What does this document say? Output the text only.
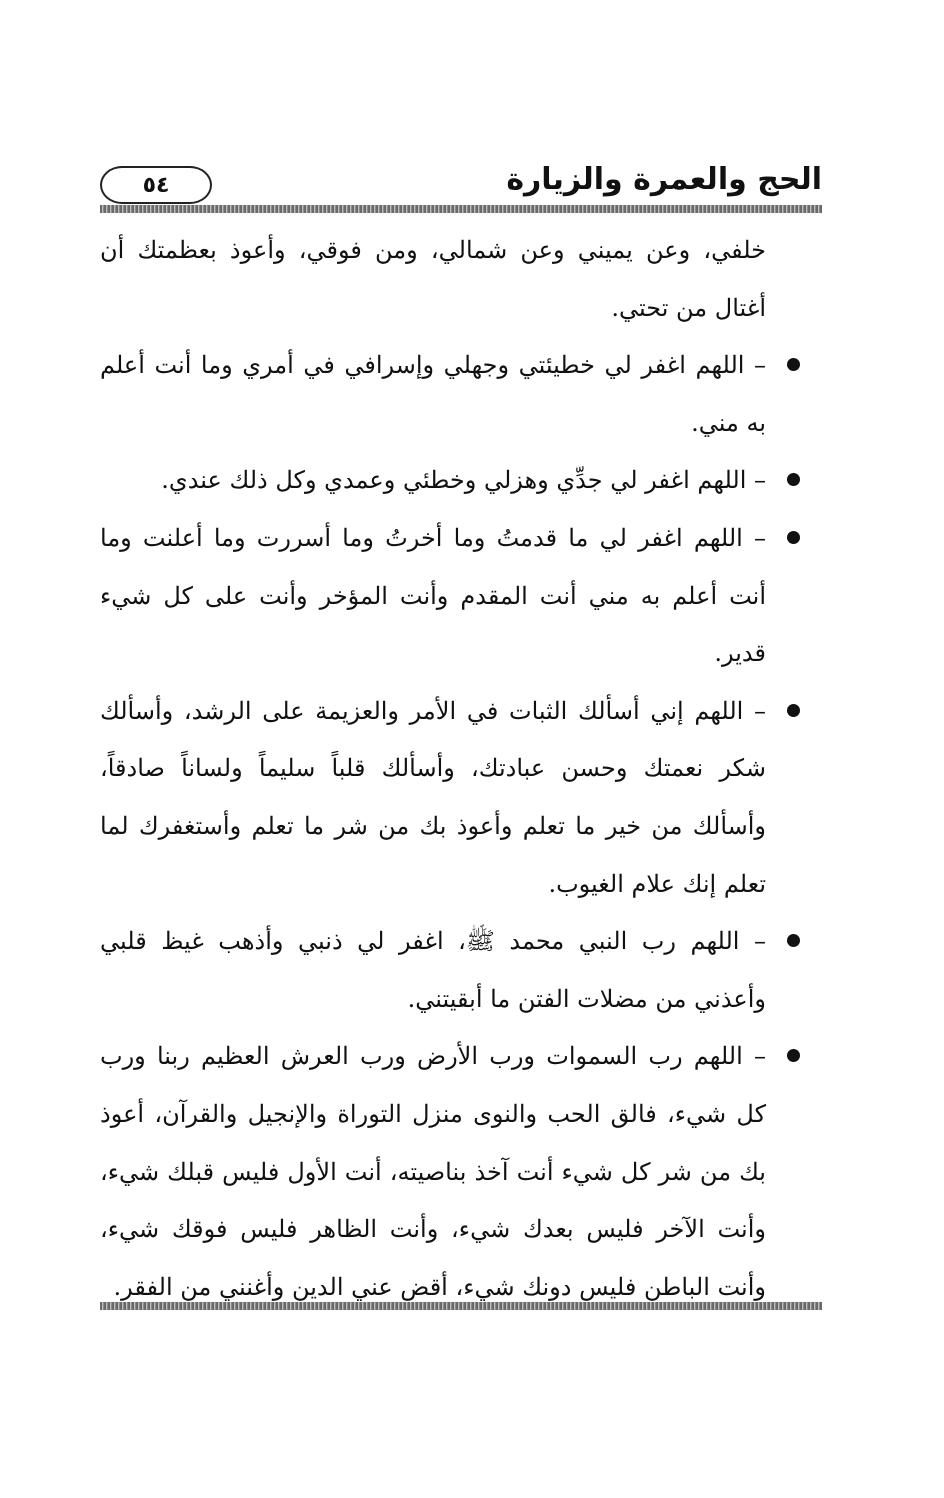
الحج والعمرة والزيارة
٥٤

خلفي، وعن يميني وعن شمالي، ومن فوقي، وأعوذ بعظمتك أن أغتال من تحتي.

– اللهم اغفر لي خطيئتي وجهلي وإسرافي في أمري وما أنت أعلم به مني.

– اللهم اغفر لي جدِّي وهزلي وخطئي وعمدي وكل ذلك عندي.

– اللهم اغفر لي ما قدمتُ وما أخرتُ وما أسررت وما أعلنت وما أنت أعلم به مني أنت المقدم وأنت المؤخر وأنت على كل شيء قدير.

– اللهم إني أسألك الثبات في الأمر والعزيمة على الرشد، وأسألك شكر نعمتك وحسن عبادتك، وأسألك قلباً سليماً ولساناً صادقاً، وأسألك من خير ما تعلم وأعوذ بك من شر ما تعلم وأستغفرك لما تعلم إنك علام الغيوب.

– اللهم رب النبي محمد ﷺ، اغفر لي ذنبي وأذهب غيظ قلبي وأعذني من مضلات الفتن ما أبقيتني.

– اللهم رب السموات ورب الأرض ورب العرش العظيم ربنا ورب كل شيء، فالق الحب والنوى منزل التوراة والإنجيل والقرآن، أعوذ بك من شر كل شيء أنت آخذ بناصيته، أنت الأول فليس قبلك شيء، وأنت الآخر فليس بعدك شيء، وأنت الظاهر فليس فوقك شيء، وأنت الباطن فليس دونك شيء، أقض عني الدين وأغنني من الفقر.
